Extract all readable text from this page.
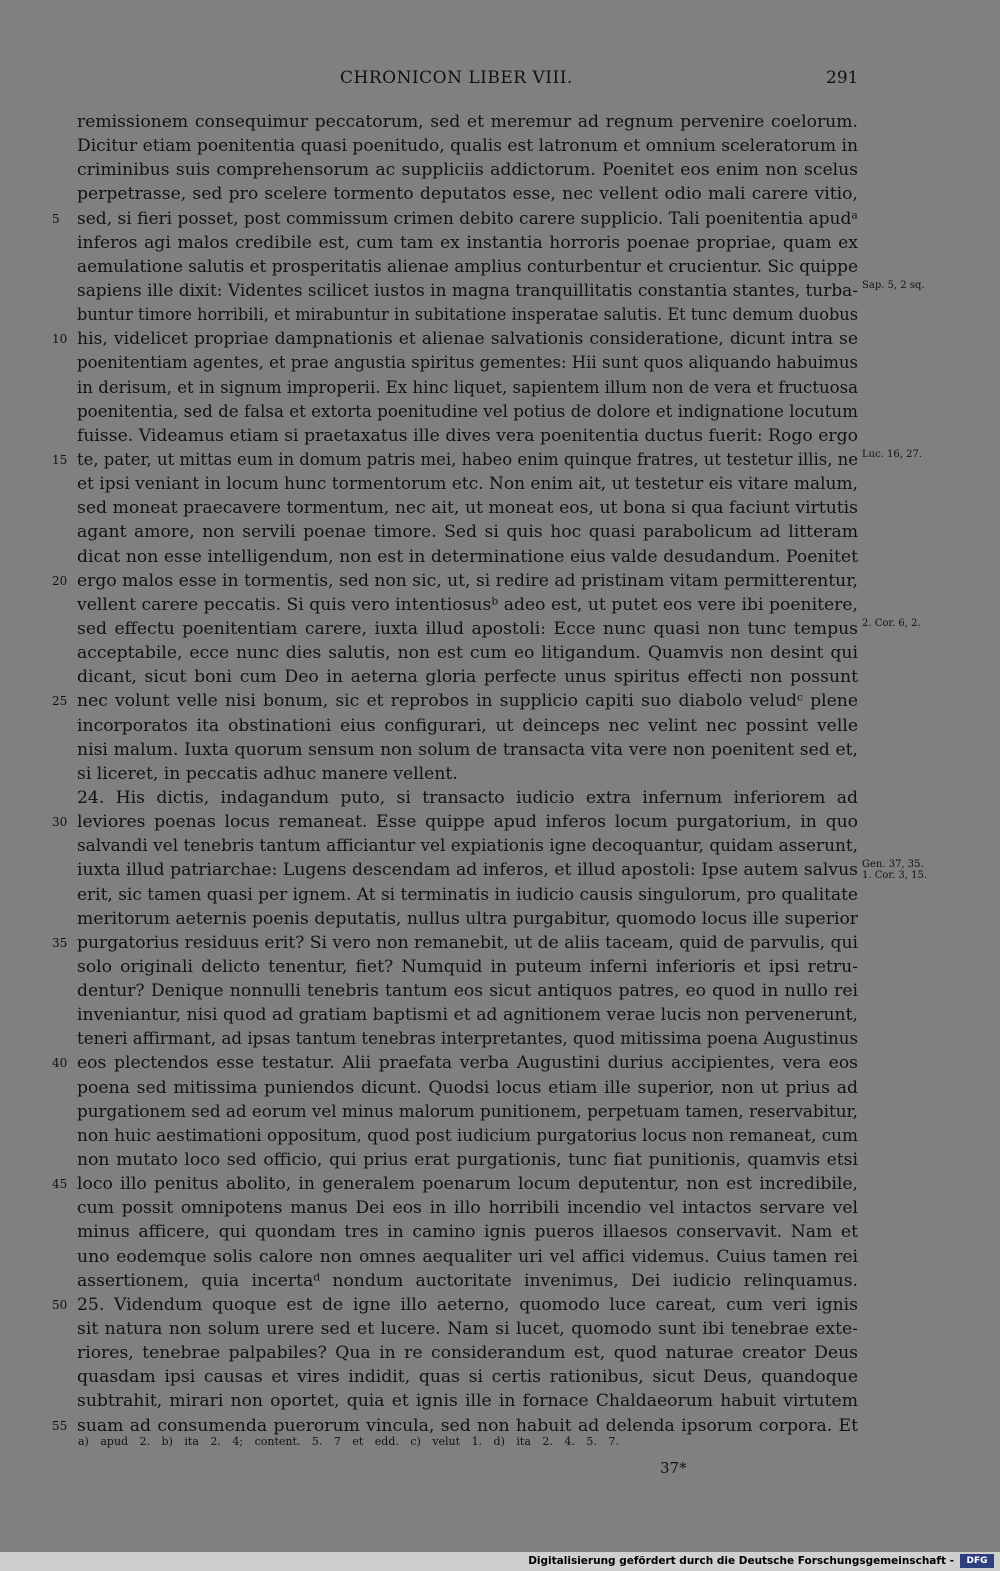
CHRONICON LIBER VIII.	291
remissionem consequimur peccatorum, sed et meremur ad regnum pervenire coelorum.
Dicitur etiam poenitentia quasi poenitudo, qualis est latronum et omnium sceleratorum in
criminibus suis comprehensorum ac suppliciis addictorum. Poenitet eos enim non scelus
perpetrasse, sed pro scelere tormento deputatos esse, nec vellent odio mali carere vitio,
sed, si fieri posset, post commissum crimen debito carere supplicio. Tali poenitentia apudᵃ
5
inferos agi malos credibile est, cum tam ex instantia horroris poenae propriae, quam ex
aemulatione salutis et prosperitatis alienae amplius conturbentur et crucientur. Sic quippe
sapiens ille dixit: Videntes scilicet iustos in magna tranquillitatis constantia stantes, turba- Sap. 5, 2 sq.
buntur timore horribili, et mirabuntur in subitatione insperatae salutis. Et tunc demum duobus
his, videlicet propriae dampnationis et alienae salvationis consideratione, dicunt intra se
10
poenitentiam agentes, et prae angustia spiritus gementes: Hii sunt quos aliquando habuimus
in derisum, et in signum improperii. Ex hinc liquet, sapientem illum non de vera et fructuosa
poenitentia, sed de falsa et extorta poenitudine vel potius de dolore et indignatione locutum
fuisse. Videamus etiam si praetaxatus ille dives vera poenitentia ductus fuerit: Rogo ergo
te, pater, ut mittas eum in domum patris mei, habeo enim quinque fratres, ut testetur illis, ne
15	Luc. 16, 27.
et ipsi veniant in locum hunc tormentorum etc. Non enim ait, ut testetur eis vitare malum,
sed moneat praecavere tormentum, nec ait, ut moneat eos, ut bona si qua faciunt virtutis
agant amore, non servili poenae timore. Sed si quis hoc quasi parabolicum ad litteram
dicat non esse intelligendum, non est in determinatione eius valde desudandum. Poenitet
ergo malos esse in tormentis, sed non sic, ut, si redire ad pristinam vitam permitterentur,
20
vellent carere peccatis. Si quis vero intentiosusᵇ adeo est, ut putet eos vere ibi poenitere,
sed effectu poenitentiam carere, iuxta illud apostoli: Ecce nunc quasi non tunc tempus 2. Cor. 6, 2.
acceptabile, ecce nunc dies salutis, non est cum eo litigandum. Quamvis non desint qui
dicant, sicut boni cum Deo in aeterna gloria perfecte unus spiritus effecti non possunt
nec volunt velle nisi bonum, sic et reprobos in supplicio capiti suo diabolo veludᶜ plene
25
incorporatos ita obstinationi eius configurari, ut deinceps nec velint nec possint velle
nisi malum. Iuxta quorum sensum non solum de transacta vita vere non poenitent sed et,
si liceret, in peccatis adhuc manere vellent.
24. His dictis, indagandum puto, si transacto iudicio extra infernum inferiorem ad
leviores poenas locus remaneat. Esse quippe apud inferos locum purgatorium, in quo
30
salvandi vel tenebris tantum afficiantur vel expiationis igne decoquantur, quidam asserunt,
iuxta illud patriarchae: Lugens descendam ad inferos, et illud apostoli: Ipse autem salvus Gen. 37, 35.
1. Cor. 3, 15.
erit, sic tamen quasi per ignem. At si terminatis in iudicio causis singulorum, pro qualitate
meritorum aeternis poenis deputatis, nullus ultra purgabitur, quomodo locus ille superior
purgatorius residuus erit? Si vero non remanebit, ut de aliis taceam, quid de parvulis, qui
35
solo originali delicto tenentur, fiet? Numquid in puteum inferni inferioris et ipsi retru-
dentur? Denique nonnulli tenebris tantum eos sicut antiquos patres, eo quod in nullo rei
inveniantur, nisi quod ad gratiam baptismi et ad agnitionem verae lucis non pervenerunt,
teneri affirmant, ad ipsas tantum tenebras interpretantes, quod mitissima poena Augustinus
eos plectendos esse testatur. Alii praefata verba Augustini durius accipientes, vera eos
40
poena sed mitissima puniendos dicunt. Quodsi locus etiam ille superior, non ut prius ad
purgationem sed ad eorum vel minus malorum punitionem, perpetuam tamen, reservabitur,
non huic aestimationi oppositum, quod post iudicium purgatorius locus non remaneat, cum
non mutato loco sed officio, qui prius erat purgationis, tunc fiat punitionis, quamvis etsi
loco illo penitus abolito, in generalem poenarum locum deputentur, non est incredibile,
45
cum possit omnipotens manus Dei eos in illo horribili incendio vel intactos servare vel
minus afficere, qui quondam tres in camino ignis pueros illaesos conservavit. Nam et
uno eodemque solis calore non omnes aequaliter uri vel affici videmus. Cuius tamen rei
assertionem, quia incertaᵈ nondum auctoritate invenimus, Dei iudicio relinquamus.
25. Videndum quoque est de igne illo aeterno, quomodo luce careat, cum veri ignis
50
sit natura non solum urere sed et lucere. Nam si lucet, quomodo sunt ibi tenebrae exte-
riores, tenebrae palpabiles? Qua in re considerandum est, quod naturae creator Deus
quasdam ipsi causas et vires indidit, quas si certis rationibus, sicut Deus, quandoque
subtrahit, mirari non oportet, quia et ignis ille in fornace Chaldaeorum habuit virtutem
suam ad consumenda puerorum vincula, sed non habuit ad delenda ipsorum corpora. Et
55
a) apud 2. b) ita 2. 4; content. 5. 7 et edd. c) velut 1. d) ita 2. 4. 5. 7.
37*
Digitalisierung gefördert durch die Deutsche Forschungsgemeinschaft -	DFG
